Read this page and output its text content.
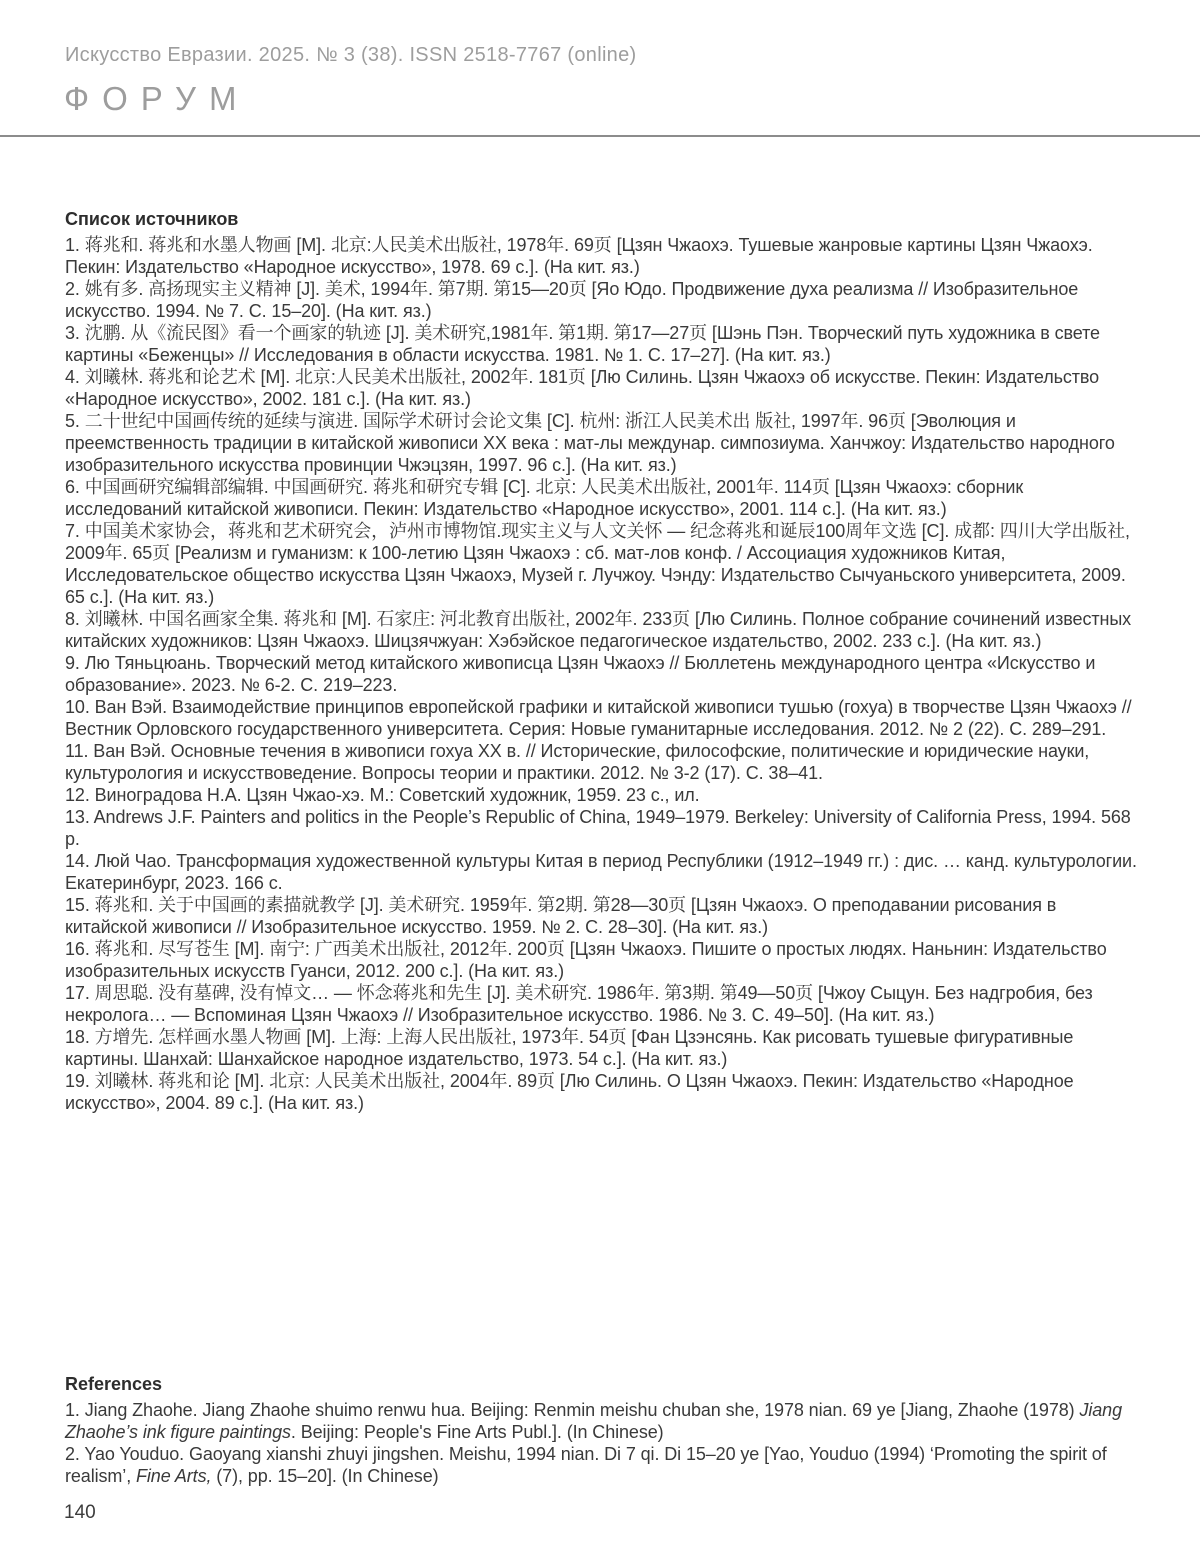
Искусство Евразии. 2025. № 3 (38). ISSN 2518-7767 (online)
ФОРУМ
Список источников

1. 蒋兆和. 蒋兆和水墨人物画 [M]. 北京:人民美术出版社, 1978年. 69页 [Цзян Чжаохэ. Тушевые жанровые картины Цзян Чжаохэ. Пекин: Издательство «Народное искусство», 1978. 69 с.]. (На кит. яз.)

2. 姚有多. 高扬现实主义精神 [J]. 美术, 1994年. 第7期. 第15—20页 [Яо Юдо. Продвижение духа реализма // Изобразительное искусство. 1994. № 7. С. 15–20]. (На кит. яз.)

3. 沈鹏. 从《流民图》看一个画家的轨迹 [J]. 美术研究,1981年. 第1期. 第17—27页 [Шэнь Пэн. Творческий путь художника в свете картины «Беженцы» // Исследования в области искусства. 1981. № 1. С. 17–27]. (На кит. яз.)

4. 刘曦林. 蒋兆和论艺术 [M]. 北京:人民美术出版社, 2002年. 181页 [Лю Силинь. Цзян Чжаохэ об искусстве. Пекин: Издательство «Народное искусство», 2002. 181 с.]. (На кит. яз.)

5. 二十世纪中国画传统的延续与演进. 国际学术研讨会论文集 [C]. 杭州: 浙江人民美术出 版社, 1997年. 96页 [Эволюция и преемственность традиции в китайской живописи XX века : мат-лы междунар. симпозиума. Ханчжоу: Издательство народного изобразительного искусства провинции Чжэцзян, 1997. 96 с.]. (На кит. яз.)

6. 中国画研究编辑部编辑. 中国画研究. 蒋兆和研究专辑 [C]. 北京: 人民美术出版社, 2001年. 114页 [Цзян Чжаохэ: сборник исследований китайской живописи. Пекин: Издательство «Народное искусство», 2001. 114 с.]. (На кит. яз.)

7. 中国美术家协会，蒋兆和艺术研究会，泸州市博物馆.现实主义与人文关怀 — 纪念蒋兆和诞辰100周年文选 [C]. 成都: 四川大学出版社, 2009年. 65页 [Реализм и гуманизм: к 100-летию Цзян Чжаохэ : сб. мат-лов конф. / Ассоциация художников Китая, Исследовательское общество искусства Цзян Чжаохэ, Музей г. Лучжоу. Чэнду: Издательство Сычуаньского университета, 2009. 65 с.]. (На кит. яз.)

8. 刘曦林. 中国名画家全集. 蒋兆和 [M]. 石家庄: 河北教育出版社, 2002年. 233页 [Лю Силинь. Полное собрание сочинений известных китайских художников: Цзян Чжаохэ. Шицзячжуан: Хэбэйское педагогическое издательство, 2002. 233 с.]. (На кит. яз.)

9. Лю Тяньцюань. Творческий метод китайского живописца Цзян Чжаохэ // Бюллетень международного центра «Искусство и образование». 2023. № 6-2. С. 219–223.

10. Ван Вэй. Взаимодействие принципов европейской графики и китайской живописи тушью (гохуа) в творчестве Цзян Чжаохэ // Вестник Орловского государственного университета. Серия: Новые гуманитарные исследования. 2012. № 2 (22). С. 289–291.

11. Ван Вэй. Основные течения в живописи гохуа XX в. // Исторические, философские, политические и юридические науки, культурология и искусствоведение. Вопросы теории и практики. 2012. № 3-2 (17). С. 38–41.

12. Виноградова Н.А. Цзян Чжао-хэ. М.: Советский художник, 1959. 23 с., ил.

13. Andrews J.F. Painters and politics in the People’s Republic of China, 1949–1979. Berkeley: University of California Press, 1994. 568 p.

14. Люй Чао. Трансформация художественной культуры Китая в период Республики (1912–1949 гг.) : дис. … канд. культурологии. Екатеринбург, 2023. 166 с.

15. 蒋兆和. 关于中国画的素描就教学 [J]. 美术研究. 1959年. 第2期. 第28—30页 [Цзян Чжаохэ. О преподавании рисования в китайской живописи // Изобразительное искусство. 1959. № 2. С. 28–30]. (На кит. яз.)

16. 蒋兆和. 尽写苍生 [M]. 南宁: 广西美术出版社, 2012年. 200页 [Цзян Чжаохэ. Пишите о простых людях. Наньнин: Издательство изобразительных искусств Гуанси, 2012. 200 с.]. (На кит. яз.)

17. 周思聪. 没有墓碑, 没有悼文… — 怀念蒋兆和先生 [J]. 美术研究. 1986年. 第3期. 第49—50页 [Чжоу Сыцун. Без надгробия, без некролога… — Вспоминая Цзян Чжаохэ // Изобразительное искусство. 1986. № 3. С. 49–50]. (На кит. яз.)

18. 方增先. 怎样画水墨人物画 [M]. 上海: 上海人民出版社, 1973年. 54页 [Фан Цзэнсянь. Как рисовать тушевые фигуративные картины. Шанхай: Шанхайское народное издательство, 1973. 54 с.]. (На кит. яз.)

19. 刘曦林. 蒋兆和论 [M]. 北京: 人民美术出版社, 2004年. 89页 [Лю Силинь. О Цзян Чжаохэ. Пекин: Издательство «Народное искусство», 2004. 89 с.]. (На кит. яз.)

References

1. Jiang Zhaohe. Jiang Zhaohe shuimo renwu hua. Beijing: Renmin meishu chuban she, 1978 nian. 69 ye [Jiang, Zhaohe (1978) Jiang Zhaohe’s ink figure paintings. Beijing: People's Fine Arts Publ.]. (In Chinese)

2. Yao Youduo. Gaoyang xianshi zhuyi jingshen. Meishu, 1994 nian. Di 7 qi. Di 15–20 ye [Yao, Youduo (1994) ‘Promoting the spirit of realism’, Fine Arts, (7), pp. 15–20]. (In Chinese)

140
